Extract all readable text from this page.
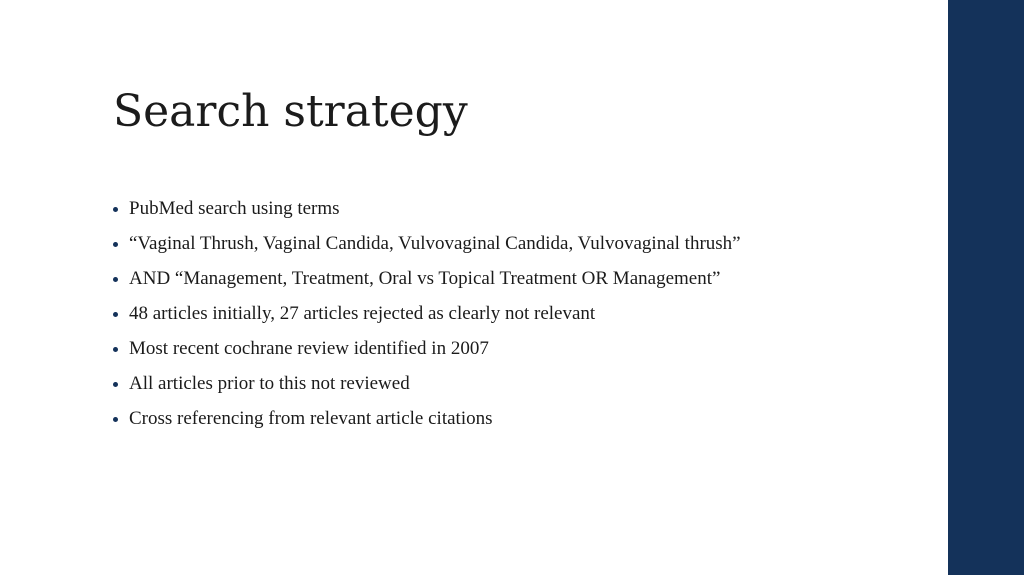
Search strategy
PubMed search using terms
“Vaginal Thrush, Vaginal Candida, Vulvovaginal Candida, Vulvovaginal thrush”
AND “Management, Treatment, Oral vs Topical Treatment OR Management”
48 articles initially, 27 articles rejected as clearly not relevant
Most recent cochrane review identified in 2007
All articles prior to this not reviewed
Cross referencing from relevant article citations
